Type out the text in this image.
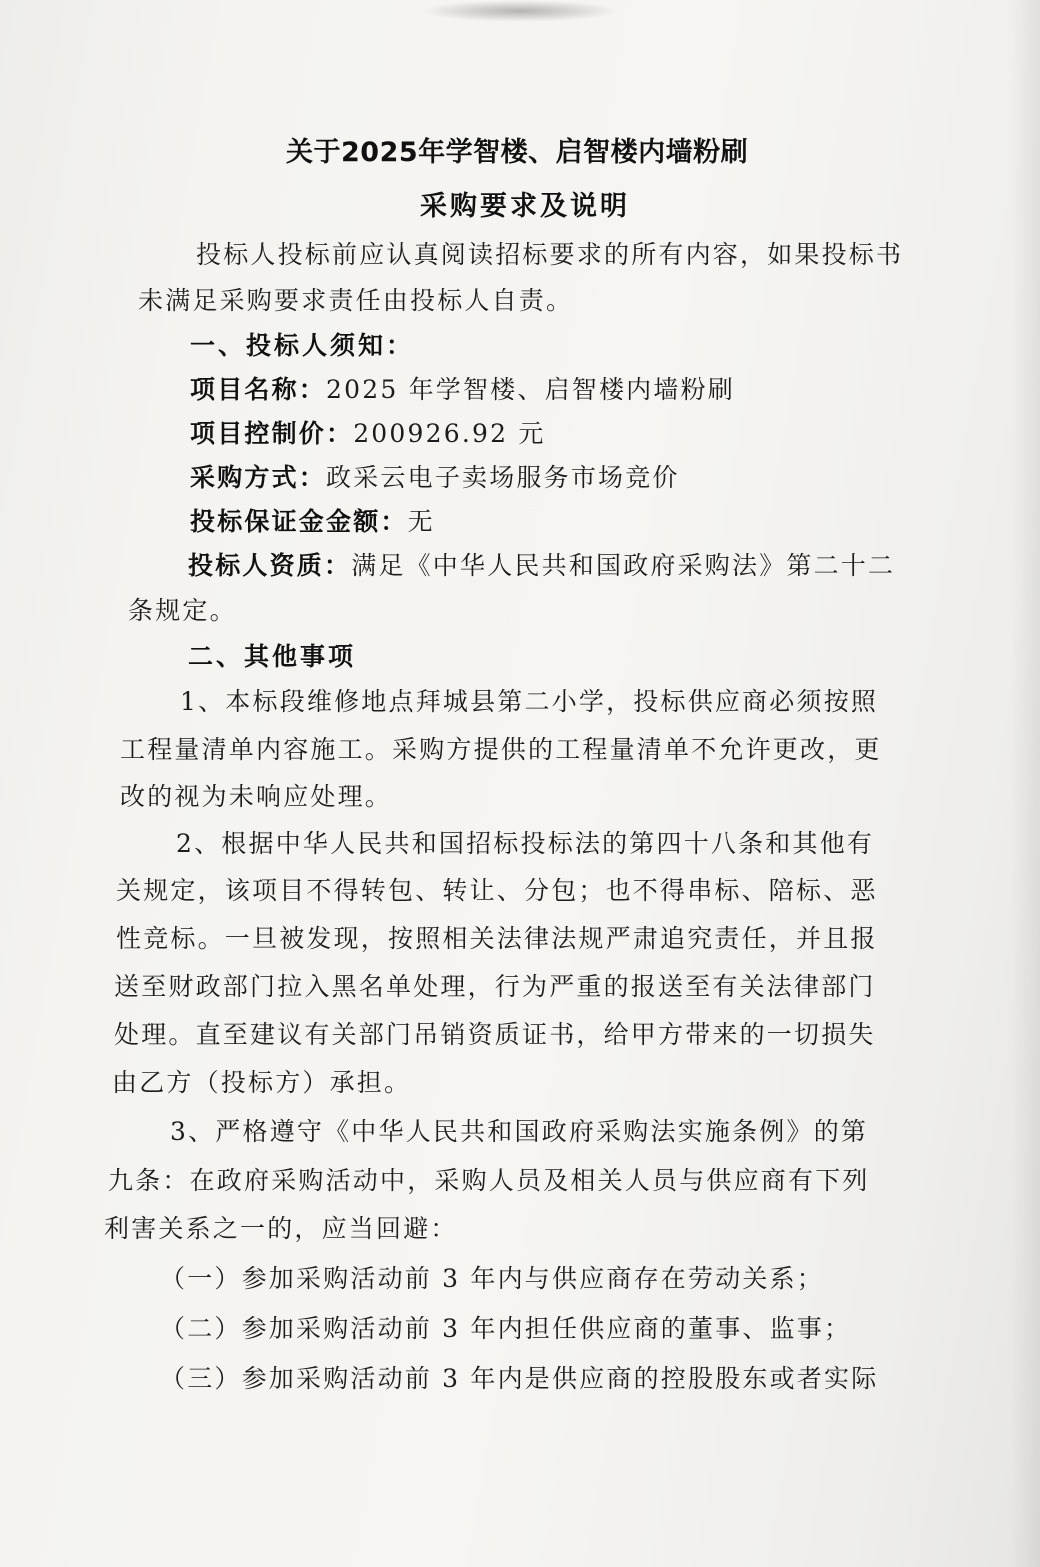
关于2025年学智楼、启智楼内墙粉刷

采购要求及说明

投标人投标前应认真阅读招标要求的所有内容，如果投标书

未满足采购要求责任由投标人自责。

一、投标人须知：

项目名称：2025 年学智楼、启智楼内墙粉刷

项目控制价：200926.92 元

采购方式：政采云电子卖场服务市场竞价

投标保证金金额：无

投标人资质：满足《中华人民共和国政府采购法》第二十二

条规定。

二、其他事项

1、本标段维修地点拜城县第二小学，投标供应商必须按照

工程量清单内容施工。采购方提供的工程量清单不允许更改，更

改的视为未响应处理。

2、根据中华人民共和国招标投标法的第四十八条和其他有

关规定，该项目不得转包、转让、分包；也不得串标、陪标、恶

性竞标。一旦被发现，按照相关法律法规严肃追究责任，并且报

送至财政部门拉入黑名单处理，行为严重的报送至有关法律部门

处理。直至建议有关部门吊销资质证书，给甲方带来的一切损失

由乙方（投标方）承担。

3、严格遵守《中华人民共和国政府采购法实施条例》的第

九条：在政府采购活动中，采购人员及相关人员与供应商有下列

利害关系之一的，应当回避：

（一）参加采购活动前 3 年内与供应商存在劳动关系；

（二）参加采购活动前 3 年内担任供应商的董事、监事；

（三）参加采购活动前 3 年内是供应商的控股股东或者实际
